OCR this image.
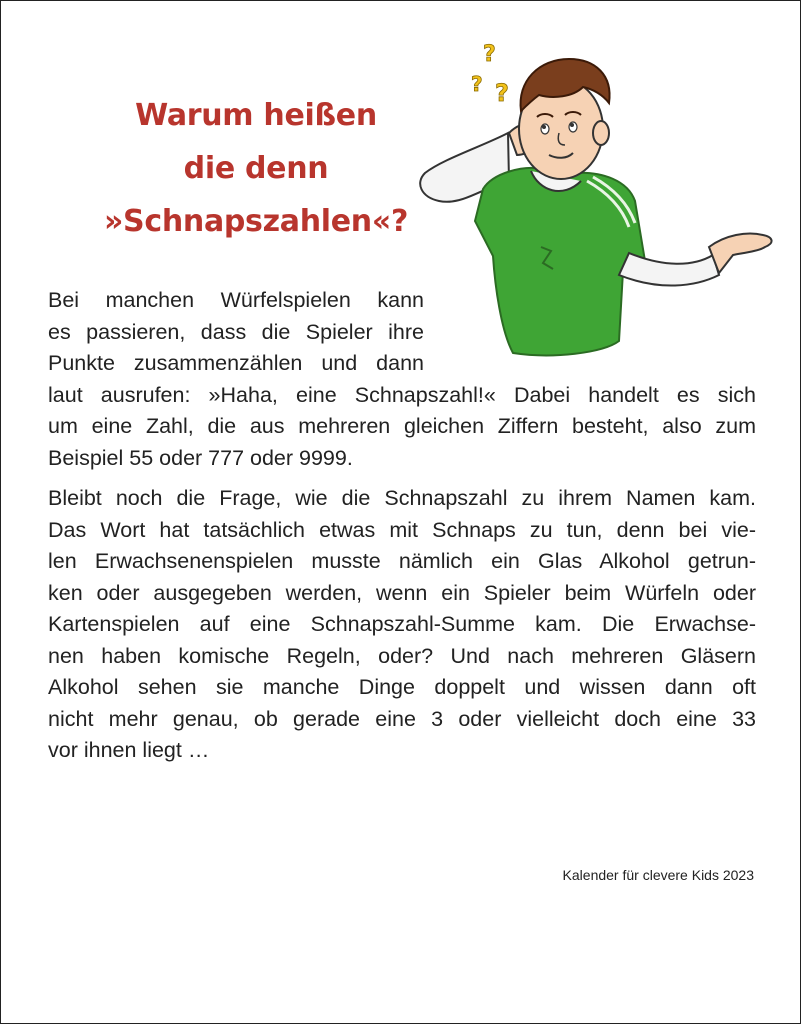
Warum heißen
die denn
»Schnapszahlen«?
?
? ?
Bei manchen Würfelspielen kann
es passieren, dass die Spieler ihre
Punkte zusammenzählen und dann
laut ausrufen: »Haha, eine Schnapszahl!« Dabei handelt es sich
um eine Zahl, die aus mehreren gleichen Ziffern besteht, also zum
Beispiel 55 oder 777 oder 9999.
Bleibt noch die Frage, wie die Schnapszahl zu ihrem Namen kam.
Das Wort hat tatsächlich etwas mit Schnaps zu tun, denn bei vie-
len Erwachsenenspielen musste nämlich ein Glas Alkohol getrun-
ken oder ausgegeben werden, wenn ein Spieler beim Würfeln oder
Kartenspielen auf eine Schnapszahl-Summe kam. Die Erwachse-
nen haben komische Regeln, oder? Und nach mehreren Gläsern
Alkohol sehen sie manche Dinge doppelt und wissen dann oft
nicht mehr genau, ob gerade eine 3 oder vielleicht doch eine 33
vor ihnen liegt …
Kalender für clevere Kids 2023
